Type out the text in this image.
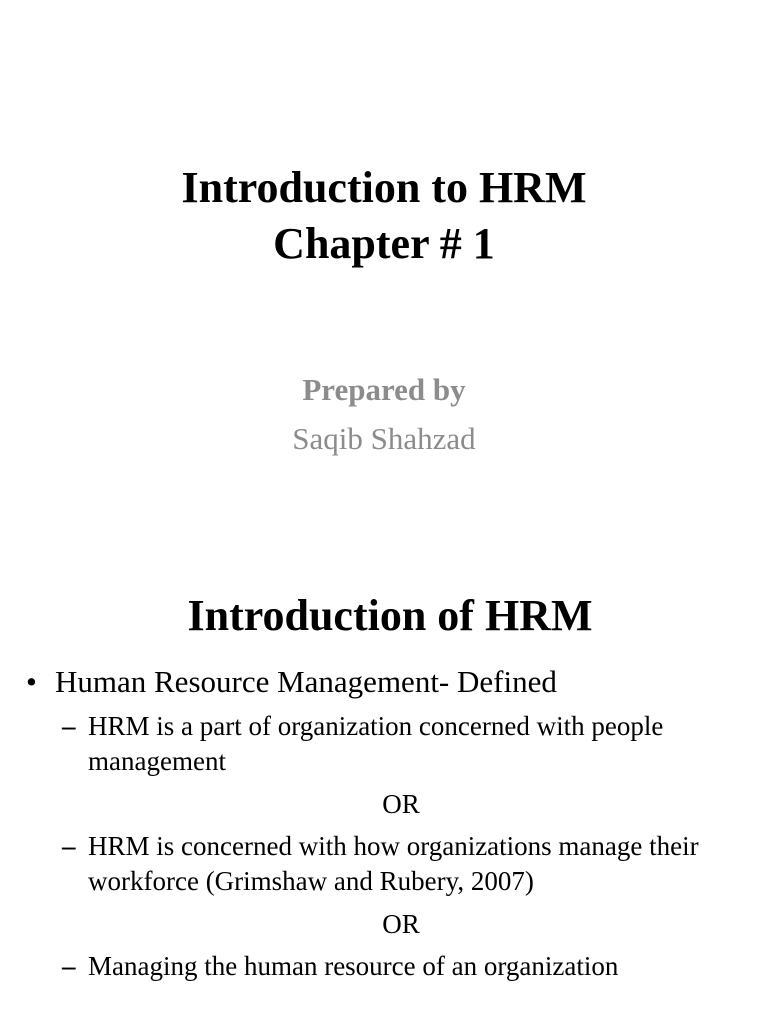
Introduction to HRM
Chapter # 1
Prepared by
Saqib Shahzad
Introduction of HRM
• Human Resource Management- Defined
– HRM is a part of organization concerned with people management
OR
– HRM is concerned with how organizations manage their workforce (Grimshaw and Rubery, 2007)
OR
– Managing the human resource of an organization
